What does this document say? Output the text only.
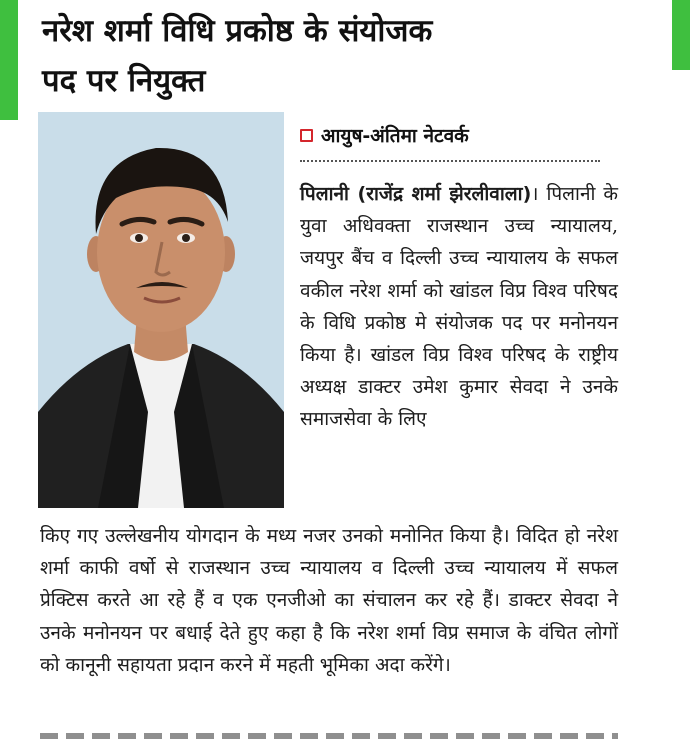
नरेश शर्मा विधि प्रकोष्ठ के संयोजक
पद पर नियुक्त
आयुष-अंतिमा नेटवर्क

पिलानी (राजेंद्र शर्मा झेरलीवाला)। पिलानी के युवा अधिवक्ता राजस्थान उच्च न्यायालय, जयपुर बैंच व दिल्ली उच्च न्यायालय के सफल वकील नरेश शर्मा को खांडल विप्र विश्व परिषद के विधि प्रकोष्ठ मे संयोजक पद पर मनोनयन किया है। खांडल विप्र विश्व परिषद के राष्ट्रीय अध्यक्ष डाक्टर उमेश कुमार सेवदा ने उनके समाजसेवा के लिए

किए गए उल्लेखनीय योगदान के मध्य नजर उनको मनोनित किया है। विदित हो नरेश शर्मा काफी वर्षो से राजस्थान उच्च न्यायालय व दिल्ली उच्च न्यायालय में सफल प्रेक्टिस करते आ रहे हैं व एक एनजीओ का संचालन कर रहे हैं। डाक्टर सेवदा ने उनके मनोनयन पर बधाई देते हुए कहा है कि नरेश शर्मा विप्र समाज के वंचित लोगों को कानूनी सहायता प्रदान करने में महती भूमिका अदा करेंगे।
